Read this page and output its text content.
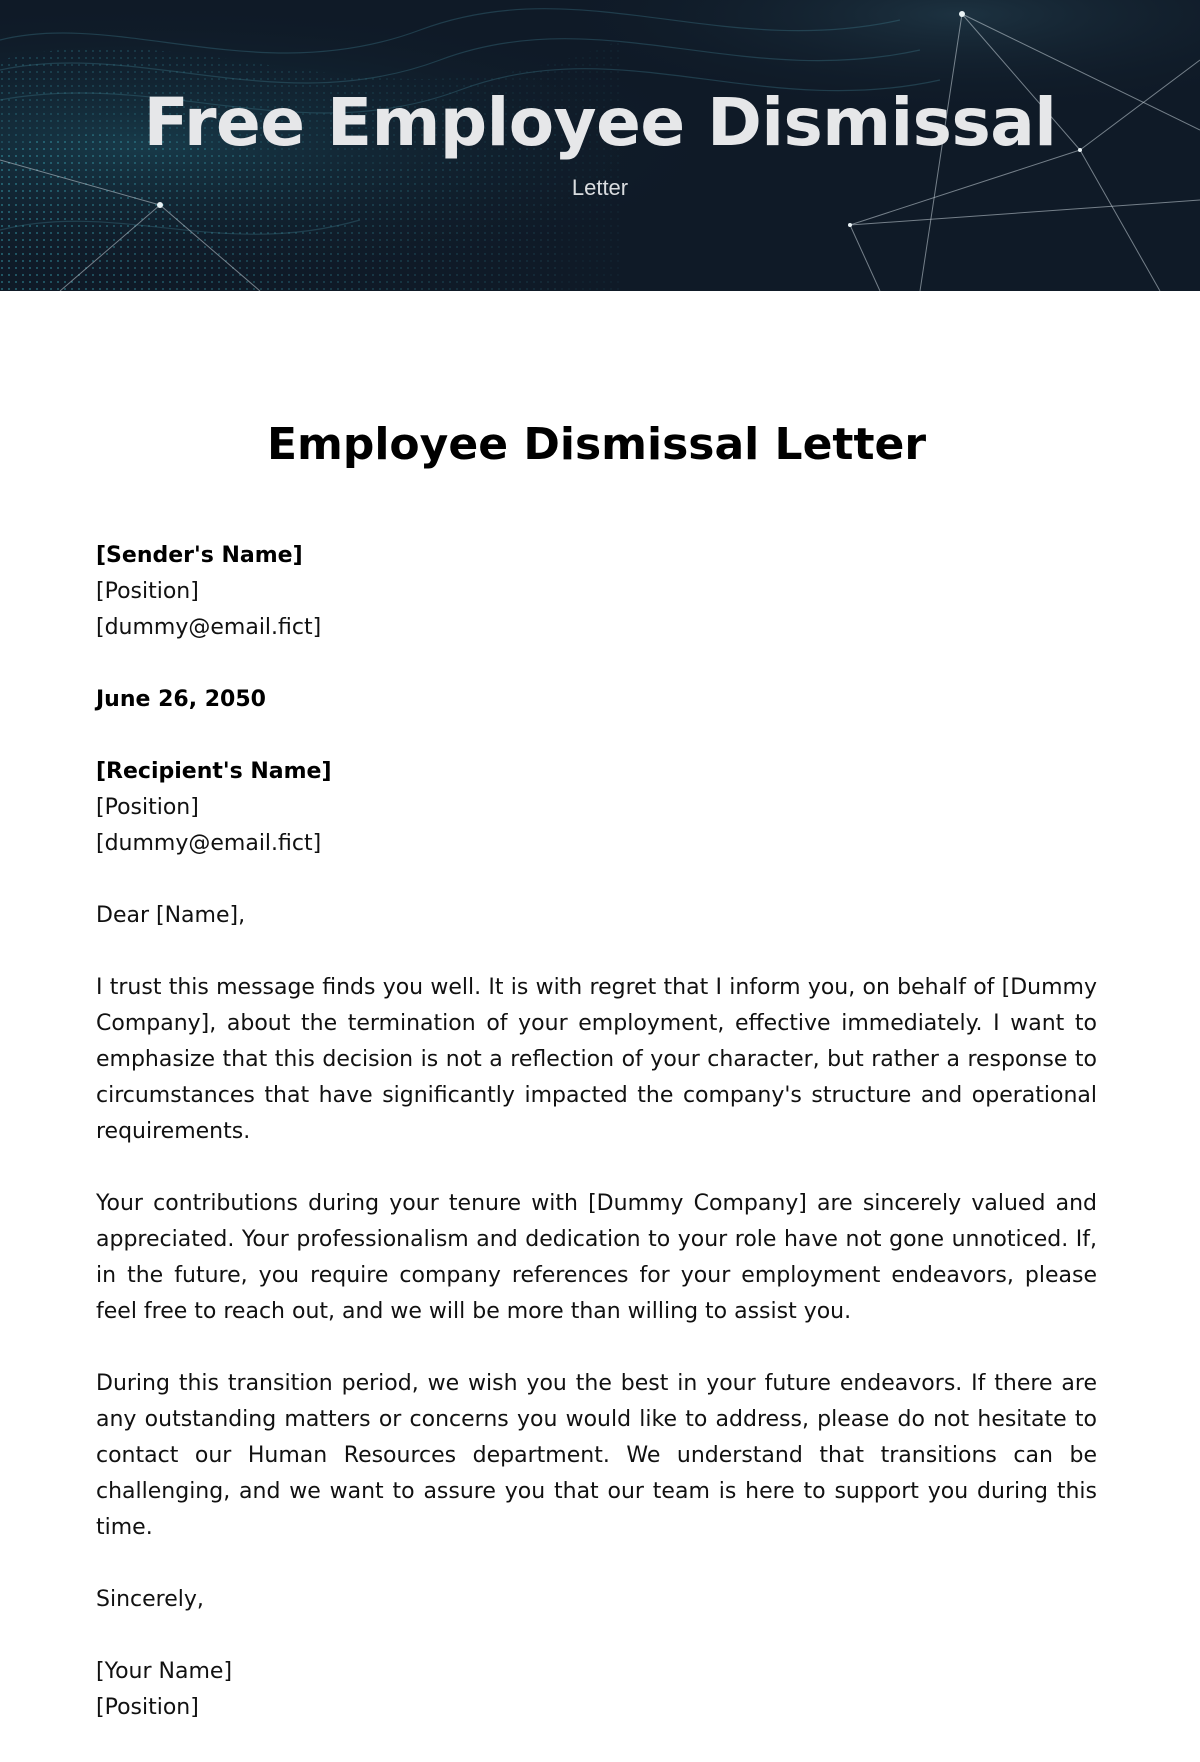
Free Employee Dismissal
Letter
Employee Dismissal Letter
[Sender's Name]
[Position]
[dummy@email.fict]
June 26, 2050
[Recipient's Name]
[Position]
[dummy@email.fict]
Dear [Name],

I trust this message finds you well. It is with regret that I inform you, on behalf of [Dummy Company], about the termination of your employment, effective immediately. I want to emphasize that this decision is not a reflection of your character, but rather a response to circumstances that have significantly impacted the company's structure and operational requirements.

Your contributions during your tenure with [Dummy Company] are sincerely valued and appreciated. Your professionalism and dedication to your role have not gone unnoticed. If, in the future, you require company references for your employment endeavors, please feel free to reach out, and we will be more than willing to assist you.

During this transition period, we wish you the best in your future endeavors. If there are any outstanding matters or concerns you would like to address, please do not hesitate to contact our Human Resources department. We understand that transitions can be challenging, and we want to assure you that our team is here to support you during this time.

Sincerely,
[Your Name]
[Position]
